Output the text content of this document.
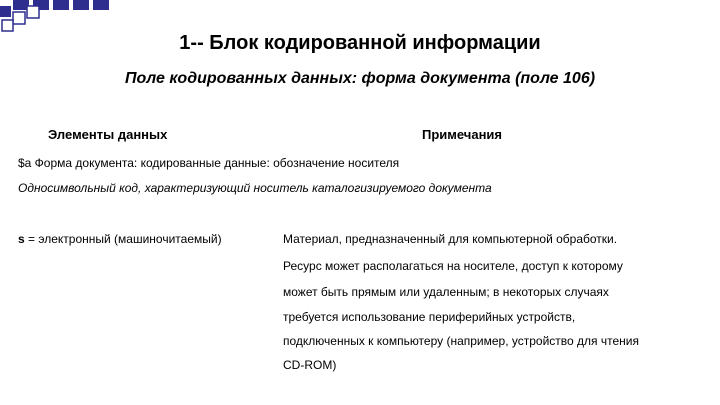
1-- Блок кодированной информации
Поле кодированных данных: форма документа (поле 106)
Элементы данных	Примечания
$a Форма документа: кодированные данные: обозначение носителя
Односимвольный код, характеризующий носитель каталогизируемого документа
s = электронный (машиночитаемый)	Материал, предназначенный для компьютерной обработки.
Ресурс может располагаться на носителе, доступ к которому
может быть прямым или удаленным; в некоторых случаях
требуется использование периферийных устройств,
подключенных к компьютеру (например, устройство для чтения
CD-ROM)
